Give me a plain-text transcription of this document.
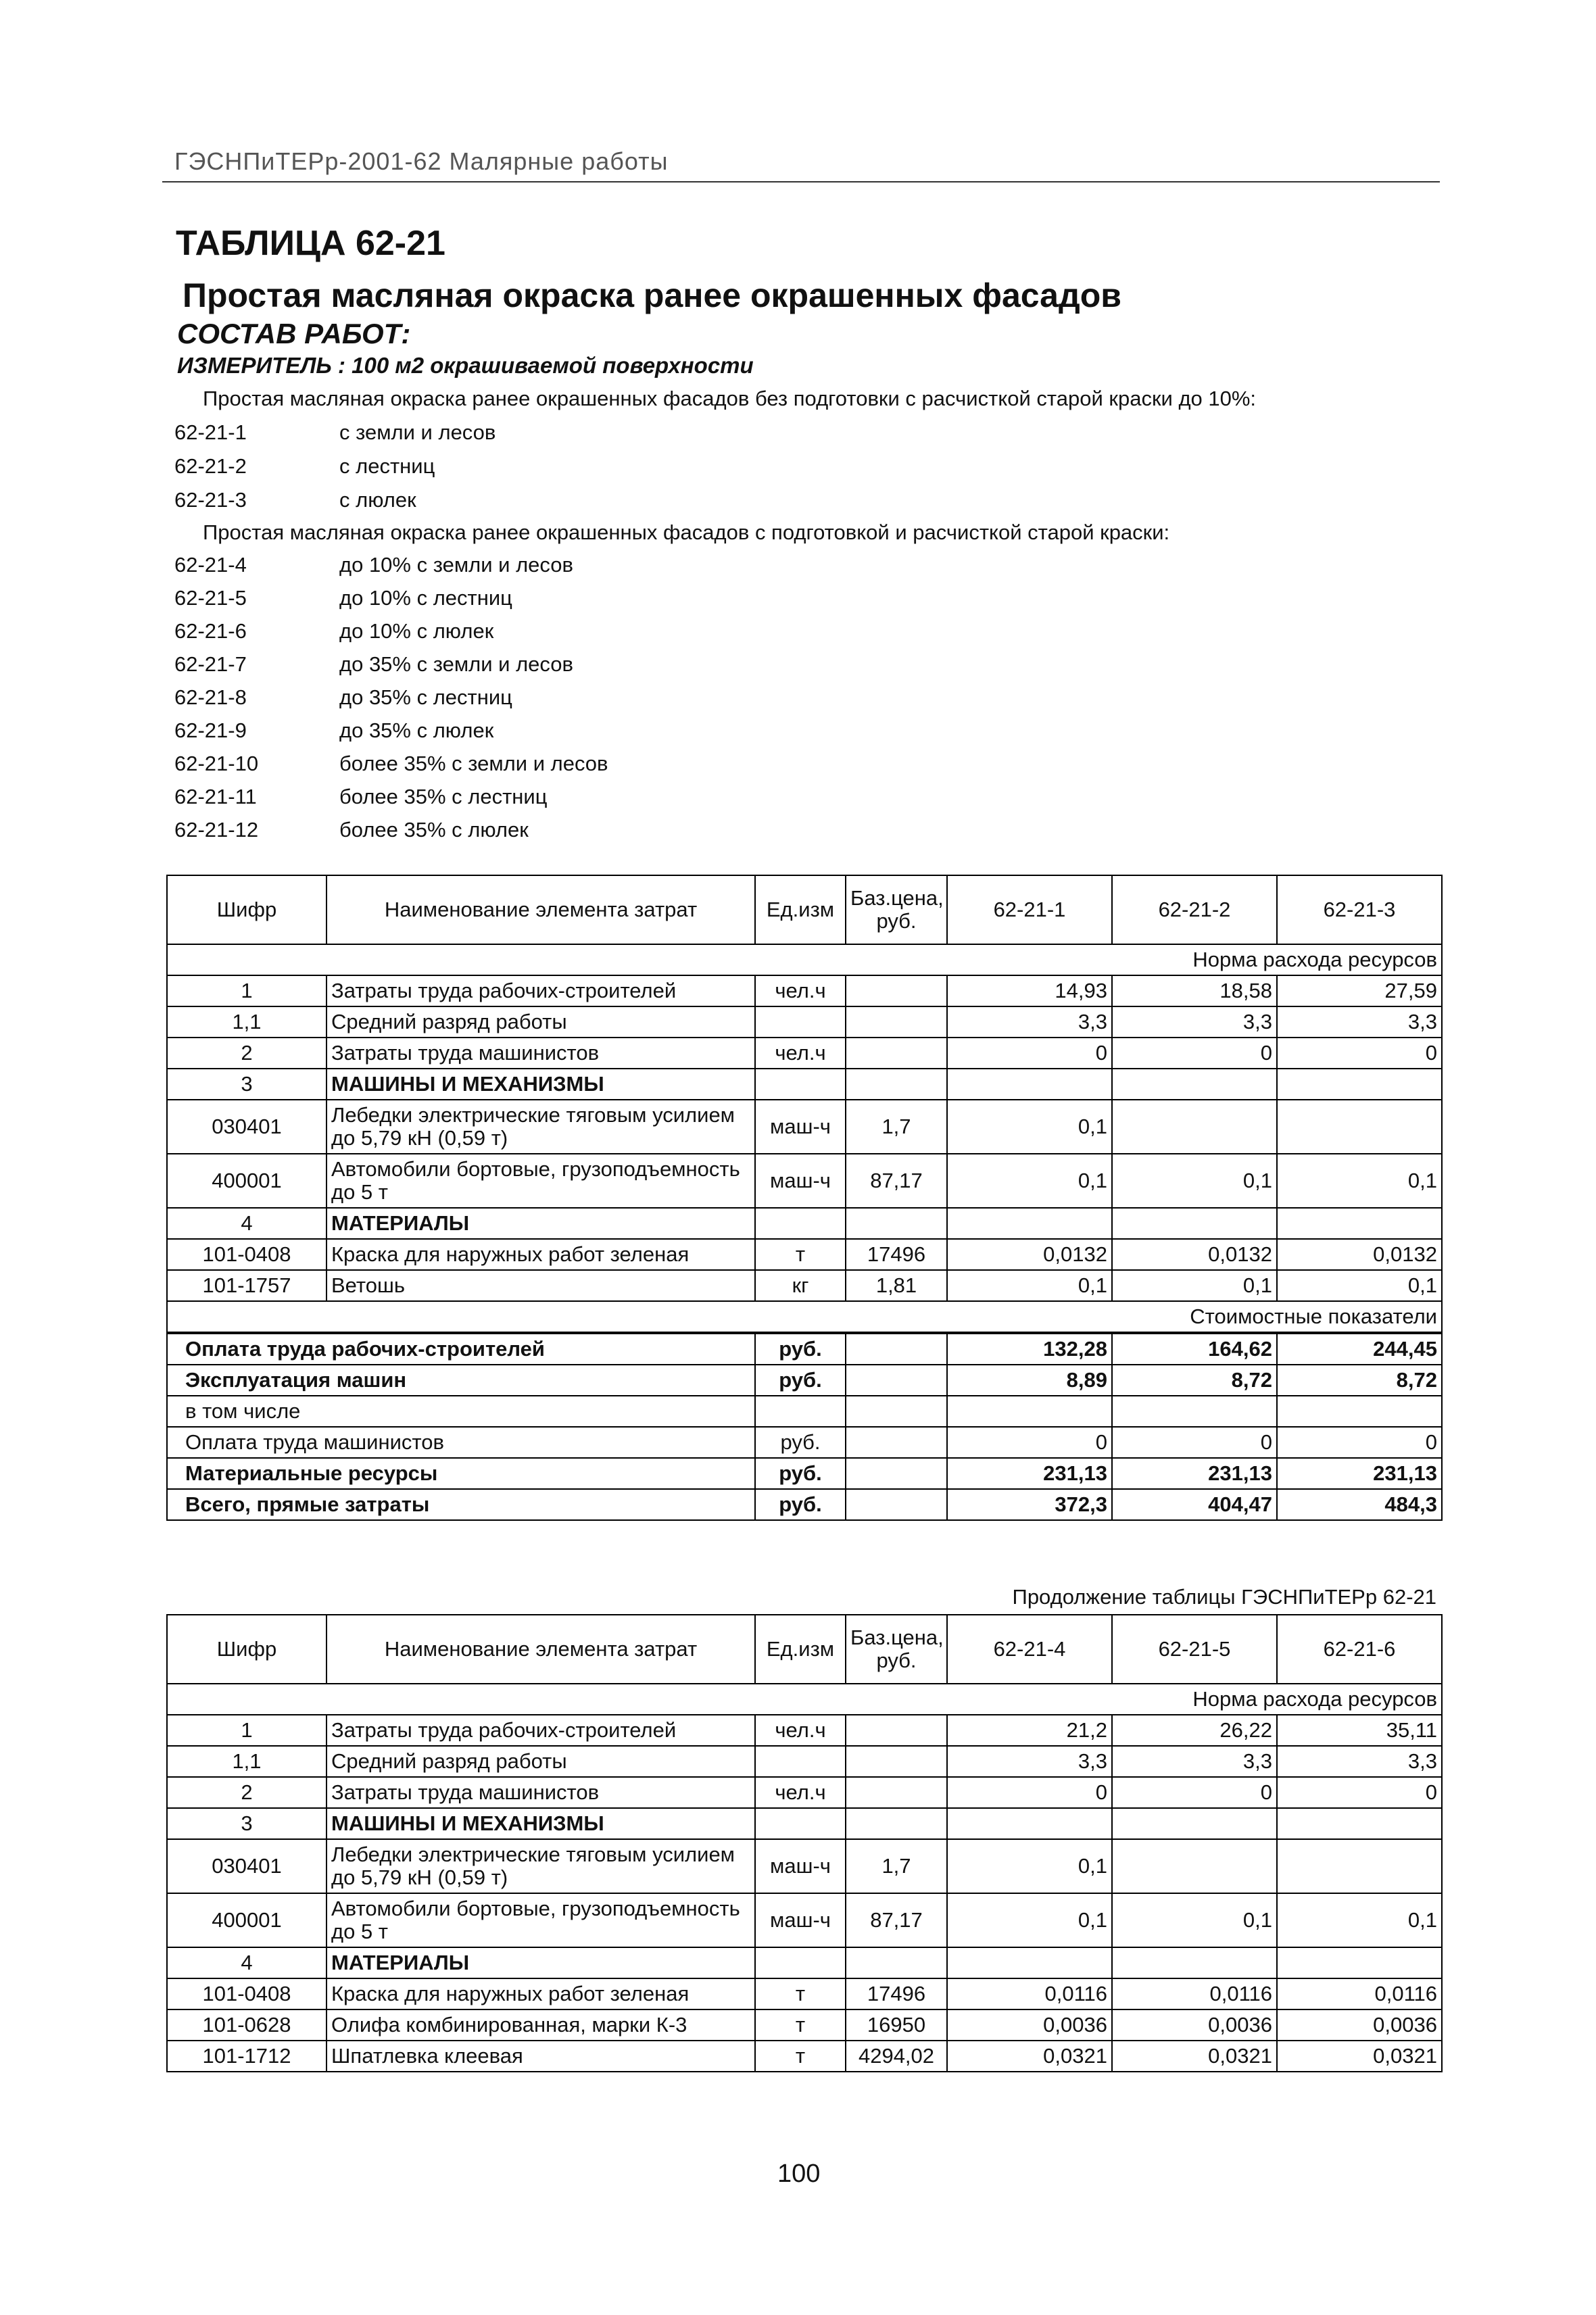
ГЭСНПиТЕРр-2001-62 Малярные работы
ТАБЛИЦА 62-21
Простая масляная окраска ранее окрашенных фасадов
СОСТАВ РАБОТ:
ИЗМЕРИТЕЛЬ : 100 м2 окрашиваемой поверхности
Простая масляная окраска ранее окрашенных фасадов без подготовки с расчисткой старой краски до 10%:
62-21-1	с земли и лесов
62-21-2	с лестниц
62-21-3	с люлек
Простая масляная окраска ранее окрашенных фасадов с подготовкой и расчисткой старой краски:
62-21-4	до 10% с земли и лесов
62-21-5	до 10% с лестниц
62-21-6	до 10% с люлек
62-21-7	до 35% с земли и лесов
62-21-8	до 35% с лестниц
62-21-9	до 35% с люлек
62-21-10	более 35% с земли и лесов
62-21-11	более 35% с лестниц
62-21-12	более 35% с люлек
Шифр	Наименование элемента затрат	Ед.изм	Баз.цена, руб.	62-21-1	62-21-2	62-21-3
Норма расхода ресурсов						
1	Затраты труда рабочих-строителей	чел.ч		14,93	18,58	27,59
1,1	Средний разряд работы			3,3	3,3	3,3
2	Затраты труда машинистов	чел.ч		0	0	0
3	МАШИНЫ И МЕХАНИЗМЫ					
030401	Лебедки электрические тяговым усилием до 5,79 кН (0,59 т)	маш-ч	1,7	0,1		
400001	Автомобили бортовые, грузоподъемность до 5 т	маш-ч	87,17	0,1	0,1	0,1
4	МАТЕРИАЛЫ					
101-0408	Краска для наружных работ зеленая	т	17496	0,0132	0,0132	0,0132
101-1757	Ветошь	кг	1,81	0,1	0,1	0,1
Стоимостные показатели						
Оплата труда рабочих-строителей		руб.		132,28	164,62	244,45
Эксплуатация машин		руб.		8,89	8,72	8,72
в том числе						
Оплата труда машинистов		руб.		0	0	0
Материальные ресурсы		руб.		231,13	231,13	231,13
Всего, прямые затраты		руб.		372,3	404,47	484,3
Продолжение таблицы ГЭСНПиТЕРр 62-21
Шифр	Наименование элемента затрат	Ед.изм	Баз.цена, руб.	62-21-4	62-21-5	62-21-6
Норма расхода ресурсов						
1	Затраты труда рабочих-строителей	чел.ч		21,2	26,22	35,11
1,1	Средний разряд работы			3,3	3,3	3,3
2	Затраты труда машинистов	чел.ч		0	0	0
3	МАШИНЫ И МЕХАНИЗМЫ					
030401	Лебедки электрические тяговым усилием до 5,79 кН (0,59 т)	маш-ч	1,7	0,1		
400001	Автомобили бортовые, грузоподъемность до 5 т	маш-ч	87,17	0,1	0,1	0,1
4	МАТЕРИАЛЫ					
101-0408	Краска для наружных работ зеленая	т	17496	0,0116	0,0116	0,0116
101-0628	Олифа комбинированная, марки К-3	т	16950	0,0036	0,0036	0,0036
101-1712	Шпатлевка клеевая	т	4294,02	0,0321	0,0321	0,0321
100
